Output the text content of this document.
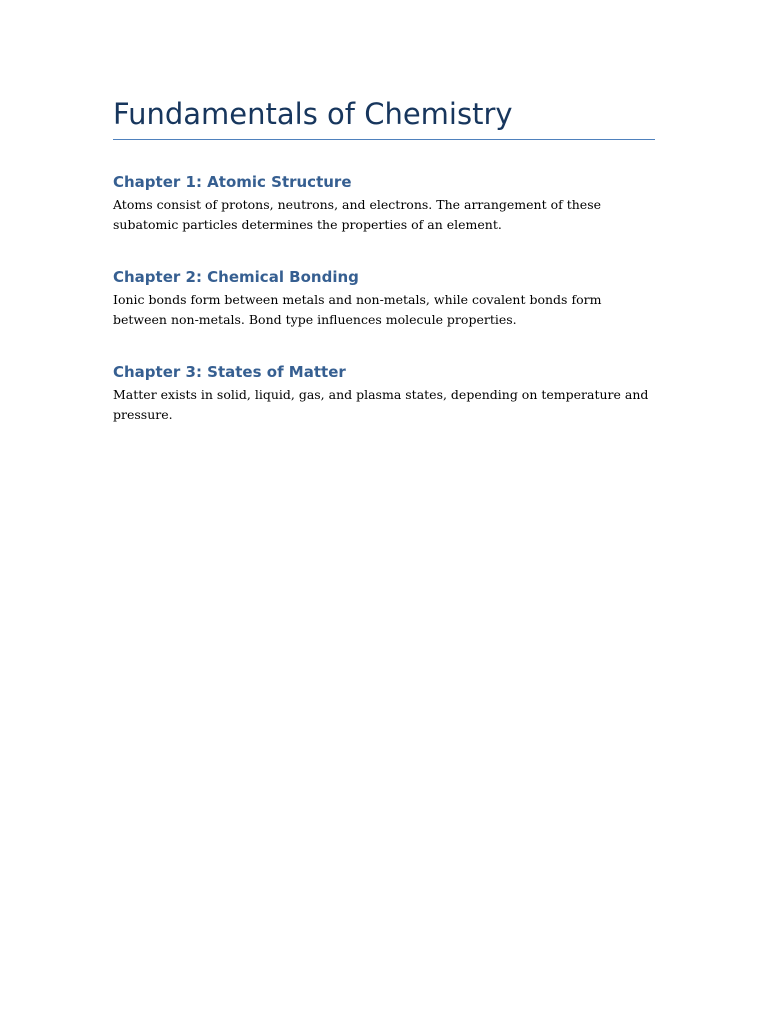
Fundamentals of Chemistry
Chapter 1: Atomic Structure

Atoms consist of protons, neutrons, and electrons. The arrangement of these subatomic particles determines the properties of an element.

Chapter 2: Chemical Bonding

Ionic bonds form between metals and non-metals, while covalent bonds form between non-metals. Bond type influences molecule properties.

Chapter 3: States of Matter

Matter exists in solid, liquid, gas, and plasma states, depending on temperature and pressure.
